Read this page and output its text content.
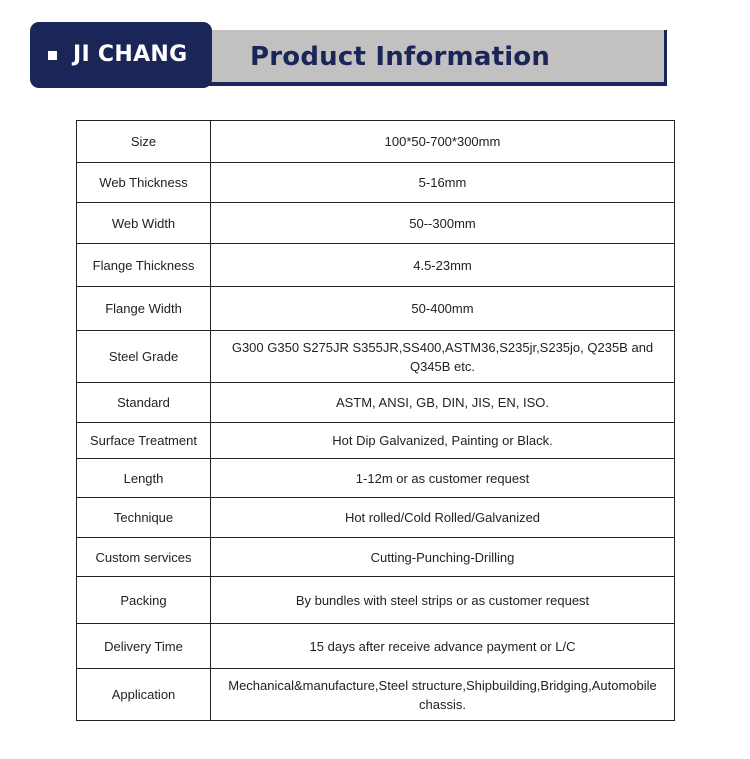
Product Information
JI CHANG
Size	100*50-700*300mm
Web Thickness	5-16mm
Web Width	50--300mm
Flange Thickness	4.5-23mm
Flange Width	50-400mm
Steel Grade	G300 G350 S275JR S355JR,SS400,ASTM36,S235jr,S235jo, Q235B and Q345B etc.
Standard	ASTM, ANSI, GB, DIN, JIS, EN, ISO.
Surface Treatment	Hot Dip Galvanized, Painting or Black.
Length	1-12m or as customer request
Technique	Hot rolled/Cold Rolled/Galvanized
Custom services	Cutting-Punching-Drilling
Packing	By bundles with steel strips or as customer request
Delivery Time	15 days after receive advance payment or L/C
Application	Mechanical&manufacture,Steel structure,Shipbuilding,Bridging,Automobile chassis.
